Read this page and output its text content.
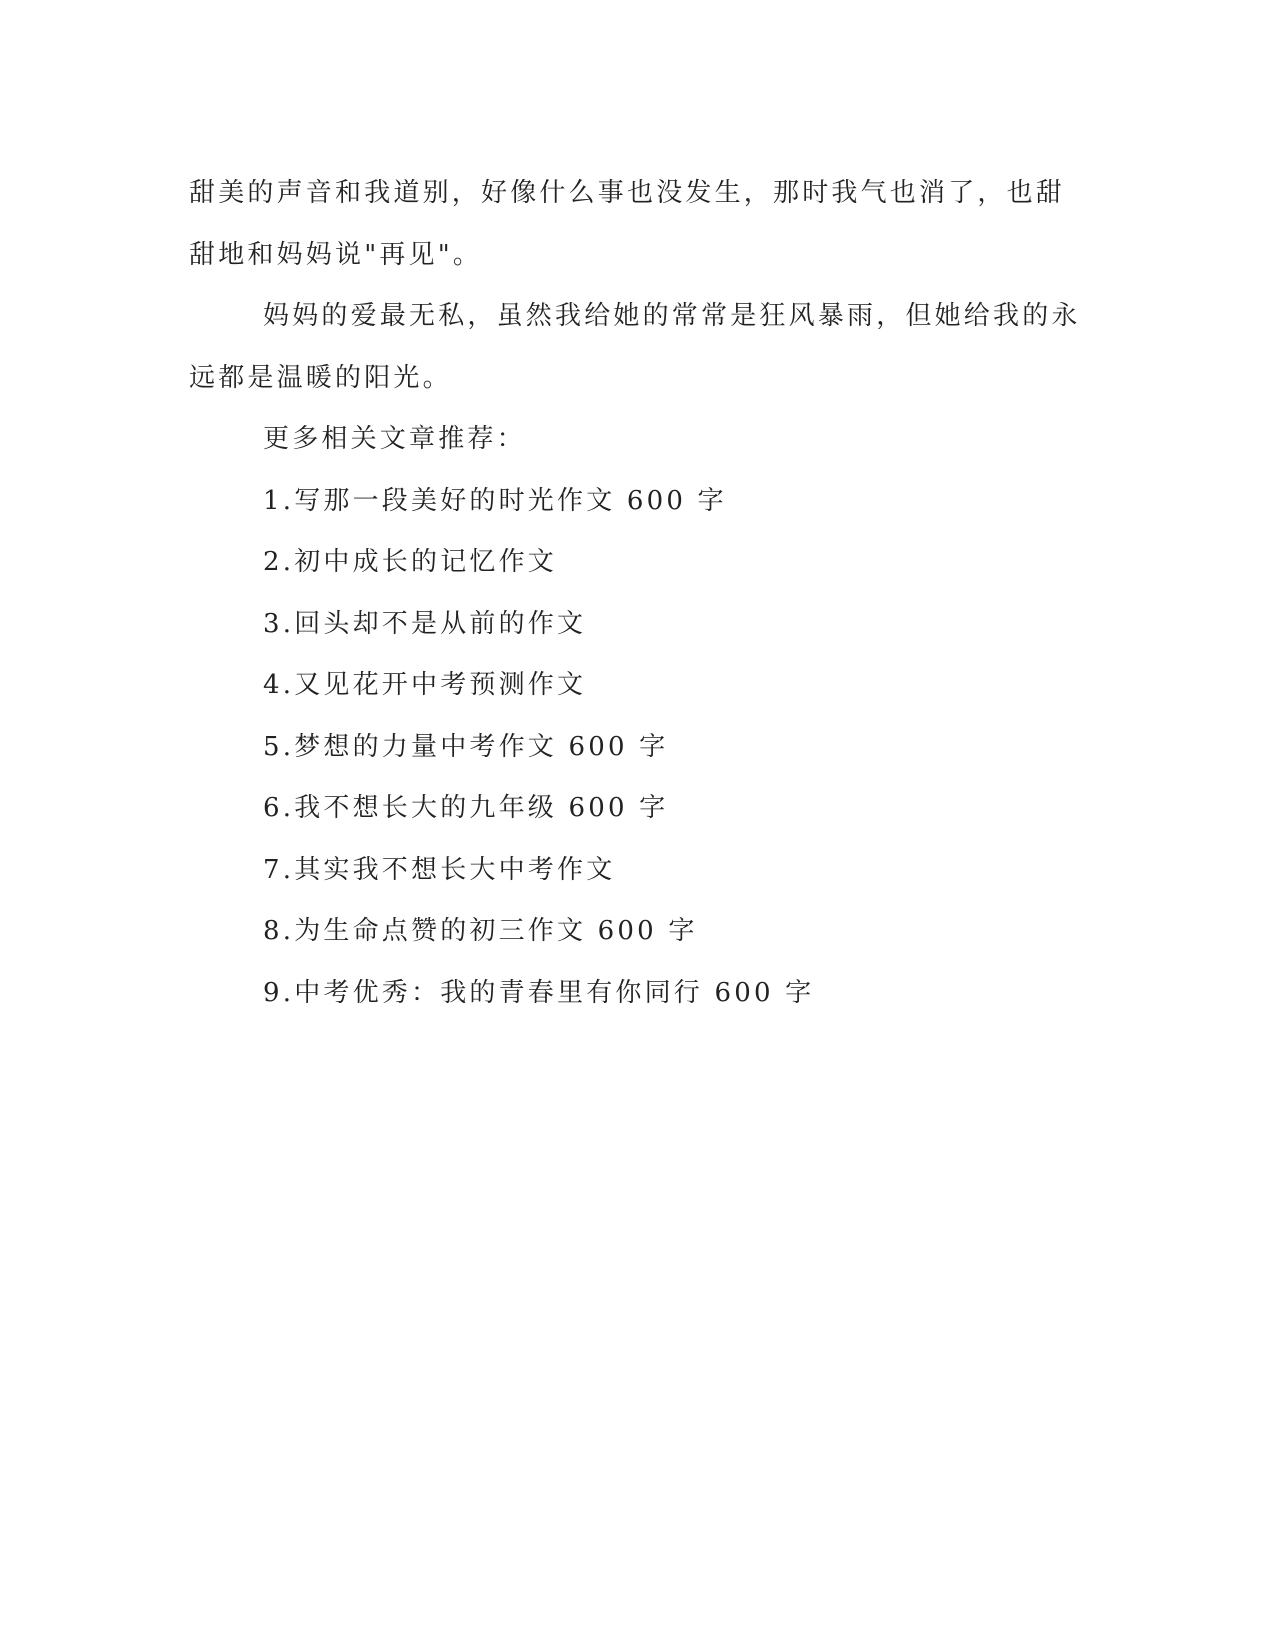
甜美的声音和我道别，好像什么事也没发生，那时我气也消了，也甜

甜地和妈妈说"再见"。

妈妈的爱最无私，虽然我给她的常常是狂风暴雨，但她给我的永

远都是温暖的阳光。

更多相关文章推荐：

1.写那一段美好的时光作文 600 字
2.初中成长的记忆作文
3.回头却不是从前的作文
4.又见花开中考预测作文
5.梦想的力量中考作文 600 字
6.我不想长大的九年级 600 字
7.其实我不想长大中考作文
8.为生命点赞的初三作文 600 字
9.中考优秀：我的青春里有你同行 600 字
